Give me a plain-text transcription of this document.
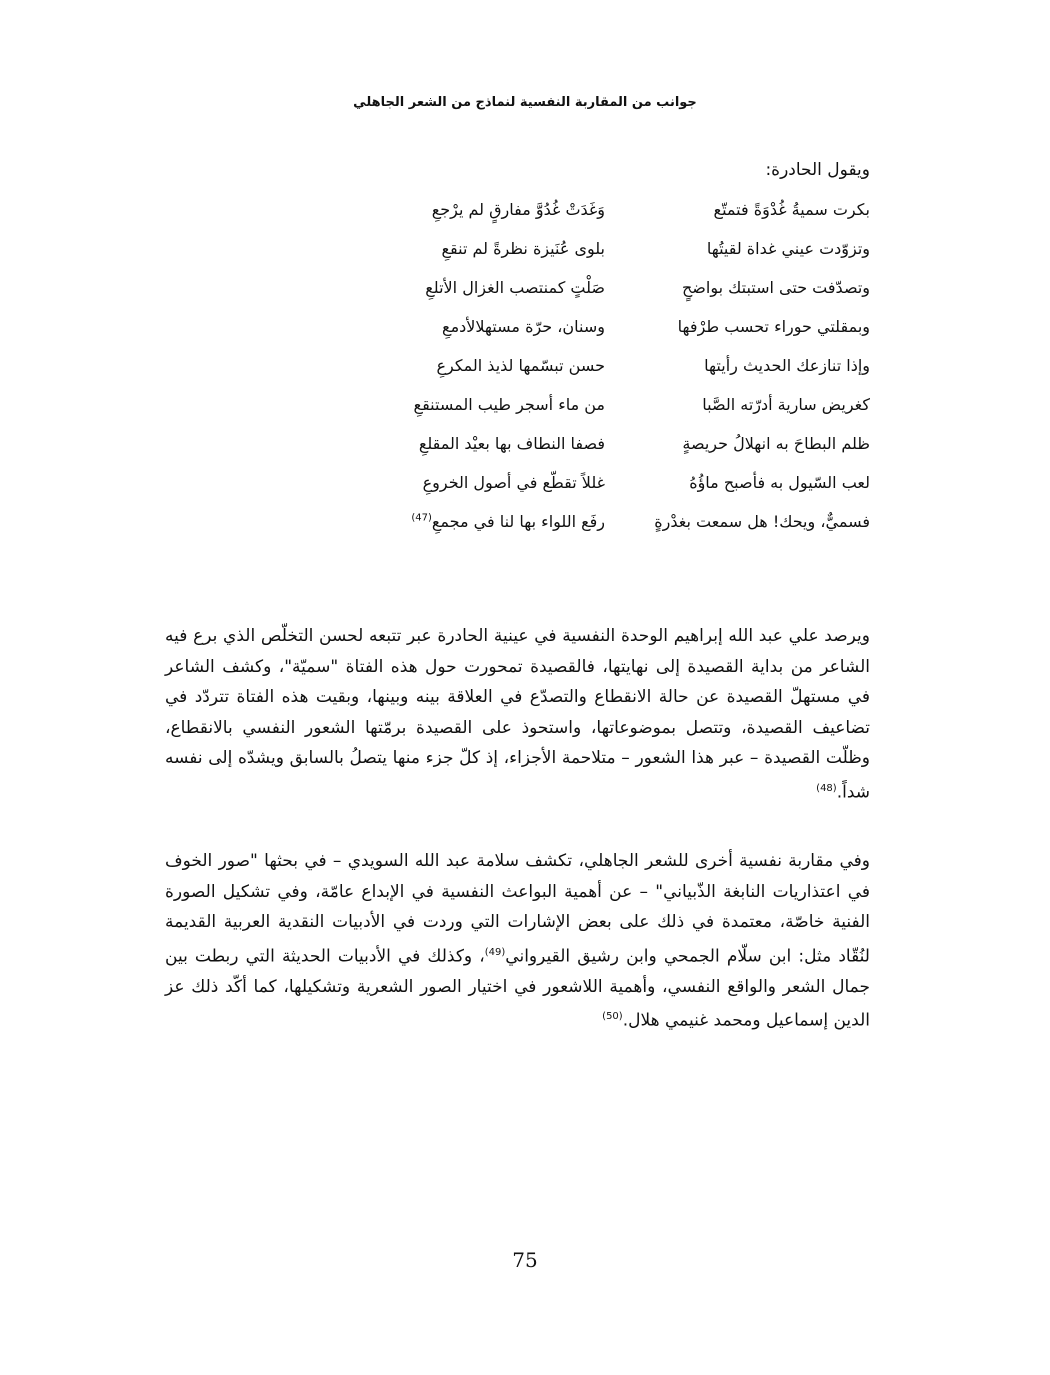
جوانب من المقاربة النفسية لنماذج من الشعر الجاهلي
ويقول الحادرة:
بكرت سميةُ غُدْوَةً فتمتّع
وَغَدَتْ غُدُوَّ مفارقٍ لم يرْجعِ
وتزوّدت عيني غداة لقيتُها
بلوى عُنَيزة نظرةً لم تنقعِ
وتصدّفت حتى استبتك بواضحٍ
صَلْتٍ كمنتصب الغزال الأتلعِ
وبمقلتي حوراء تحسب طرْفها
وسنان، حرّة مستهلالأدمعِ
وإذا تنازعك الحديث رأيتها
حسن تبسّمها لذيذ المكرعِ
كغريض سارية أدرّته الصَّبا
من ماء أسجر طيب المستنقعِ
ظلم البطاحَ به انهلالُ حريصةٍ
فصفا النطاف بها بعيْد المقلعِ
لعب السّيول به فأصبح ماؤُهُ
غللاً تقطّع في أصول الخروعِ
فسميٌّ، ويحك! هل سمعت بغدْرةٍ
رفَع اللواء بها لنا في مجمعِ$^{(47)}$

ويرصد علي عبد الله إبراهيم الوحدة النفسية في عينية الحادرة عبر تتبعه لحسن التخلّص الذي برع فيه الشاعر من بداية القصيدة إلى نهايتها، فالقصيدة تمحورت حول هذه الفتاة "سميّة"، وكشف الشاعر في مستهلّ القصيدة عن حالة الانقطاع والتصدّع في العلاقة بينه وبينها، وبقيت هذه الفتاة تتردّد في تضاعيف القصيدة، وتتصل بموضوعاتها، واستحوذ على القصيدة برمّتها الشعور النفسي بالانقطاع، وظلّت القصيدة – عبر هذا الشعور – متلاحمة الأجزاء، إذ كلّ جزء منها يتصلُ بالسابق ويشدّه إلى نفسه شداً.$^{(48)}$

وفي مقاربة نفسية أخرى للشعر الجاهلي، تكشف سلامة عبد الله السويدي – في بحثها "صور الخوف في اعتذاريات النابغة الذّبياني" – عن أهمية البواعث النفسية في الإبداع عامّة، وفي تشكيل الصورة الفنية خاصّة، معتمدة في ذلك على بعض الإشارات التي وردت في الأدبيات النقدية العربية القديمة لنُقّاد مثل: ابن سلّام الجمحي وابن رشيق القيرواني$^{(49)}$، وكذلك في الأدبيات الحديثة التي ربطت بين جمال الشعر والواقع النفسي، وأهمية اللاشعور في اختيار الصور الشعرية وتشكيلها، كما أكّد ذلك عز الدين إسماعيل ومحمد غنيمي هلال.$^{(50)}$

75
